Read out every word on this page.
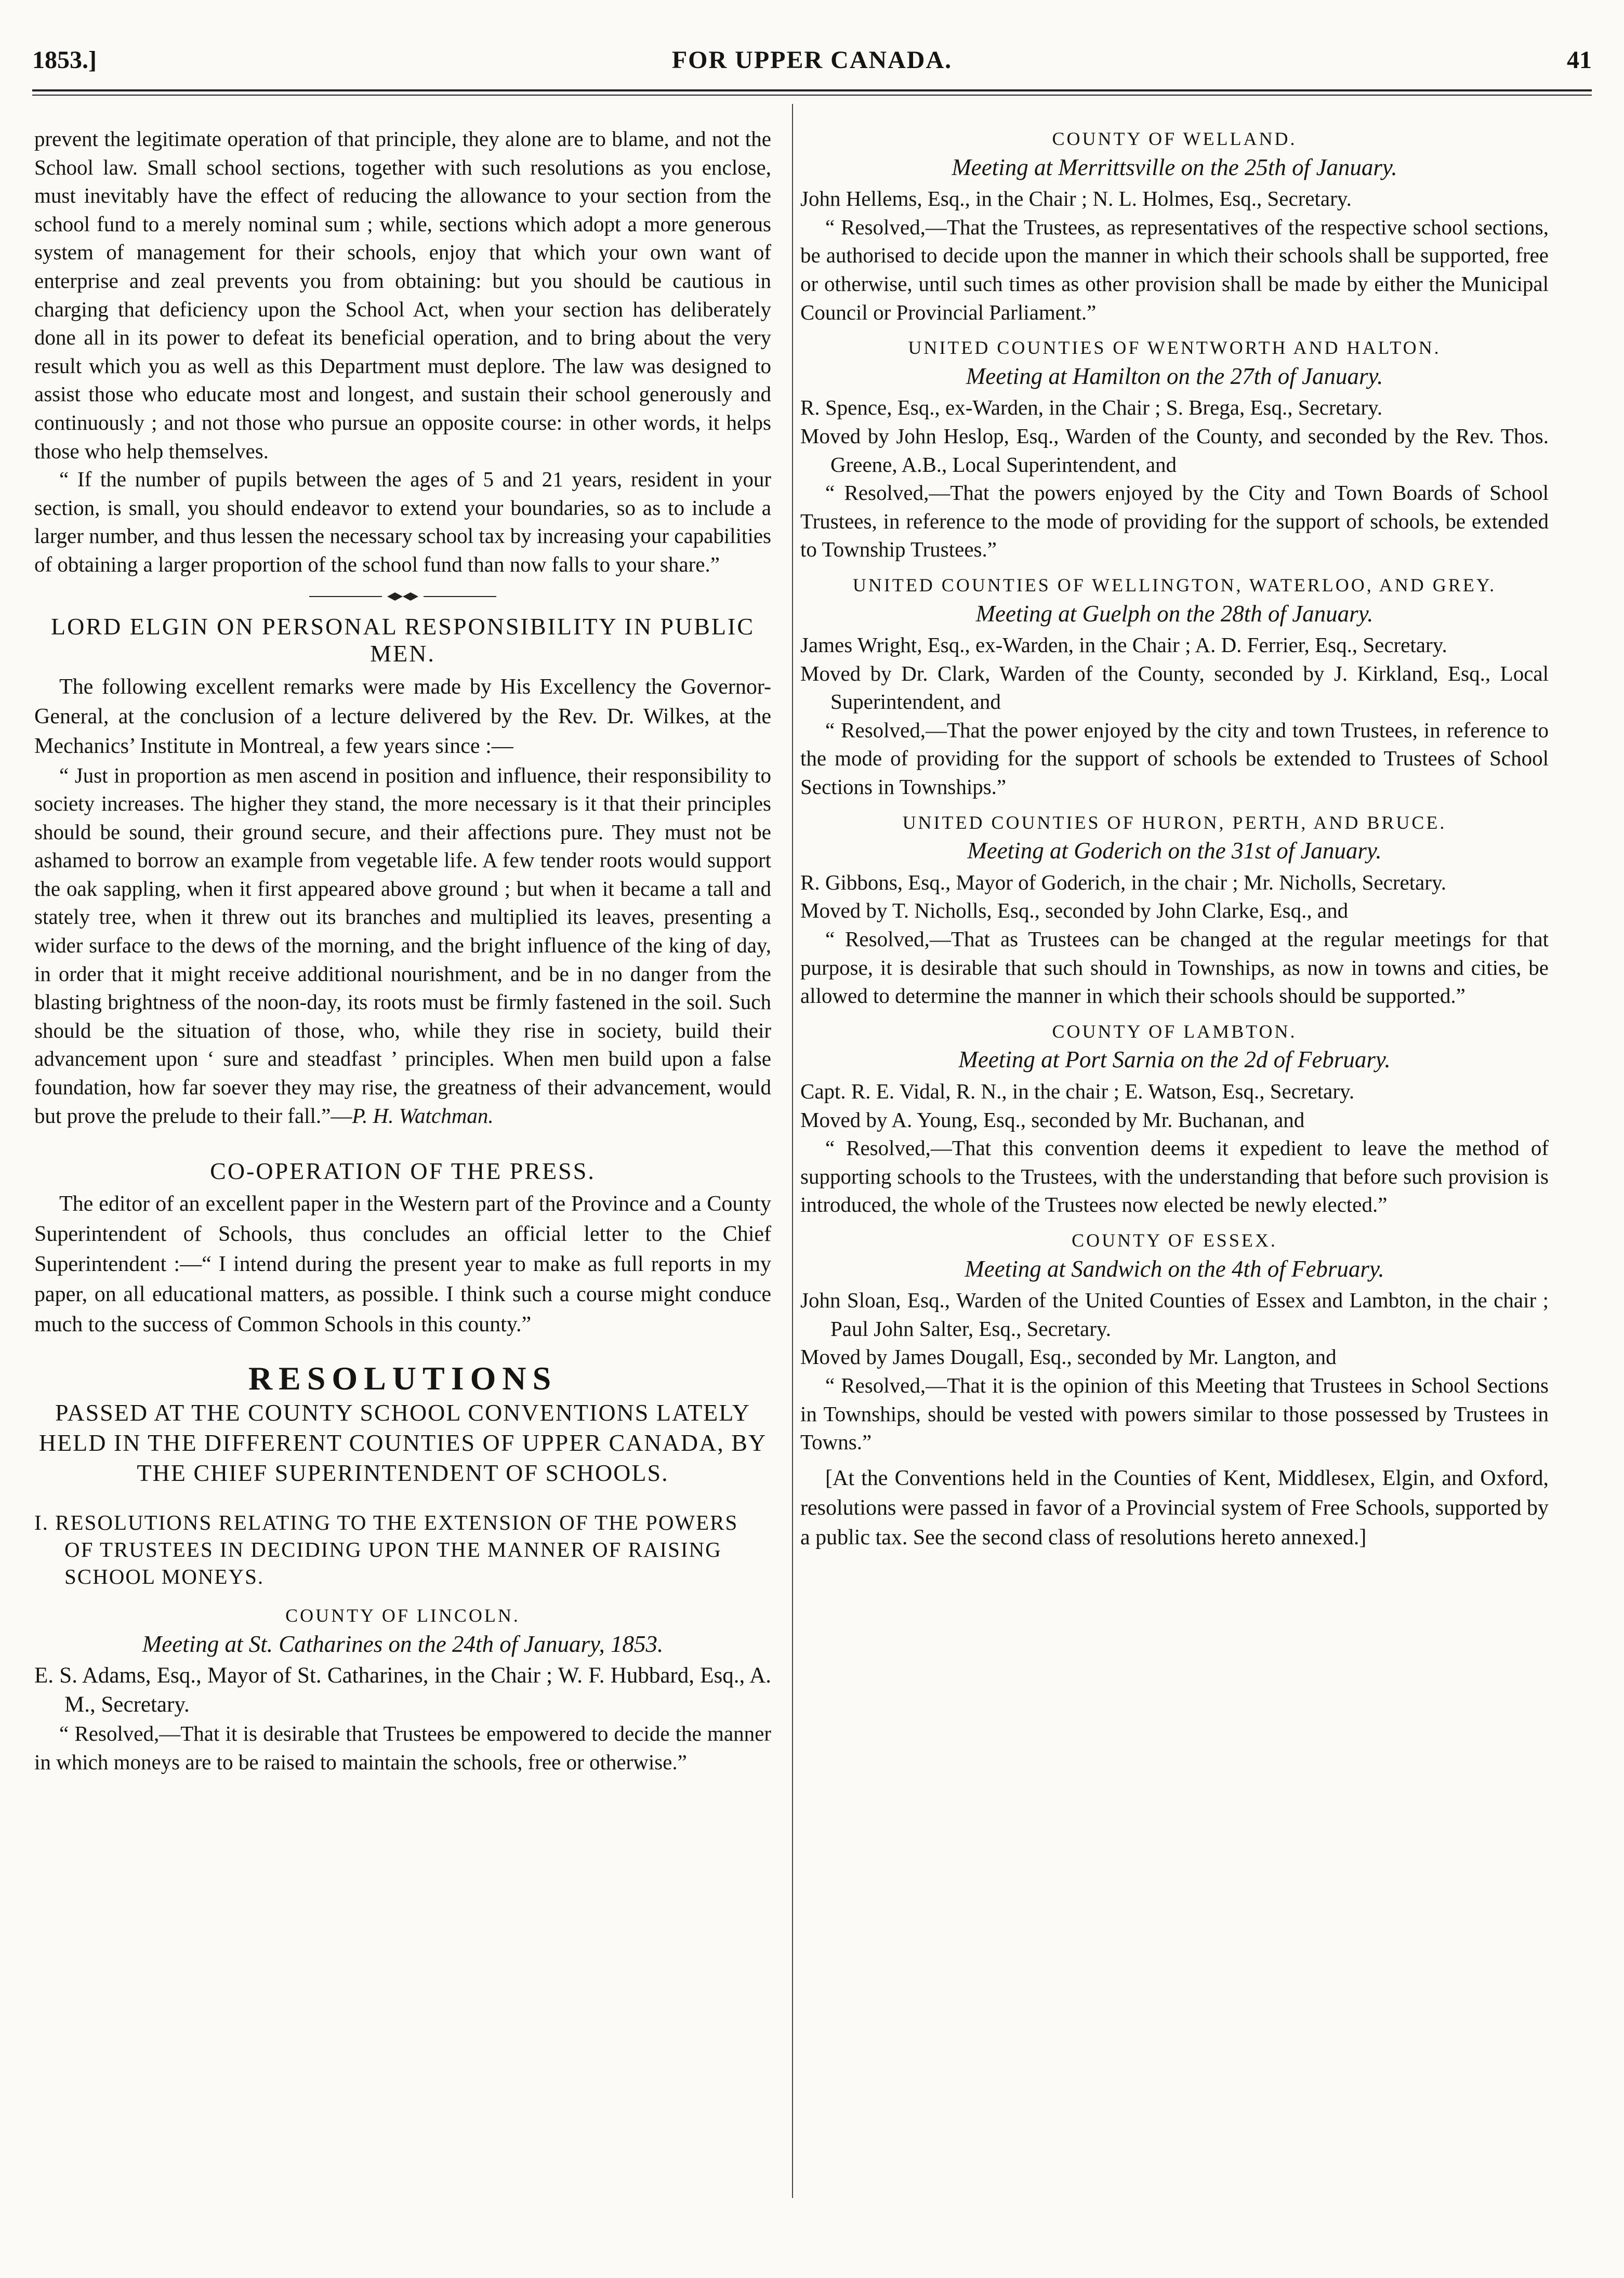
1853.]	FOR UPPER CANADA.	41

prevent the legitimate operation of that principle, they alone are to blame, and not the School law. Small school sections, together with such resolutions as you enclose, must inevitably have the effect of reducing the allowance to your section from the school fund to a merely nominal sum ; while, sections which adopt a more generous system of management for their schools, enjoy that which your own want of enterprise and zeal prevents you from obtaining: but you should be cautious in charging that deficiency upon the School Act, when your section has deliberately done all in its power to defeat its beneficial operation, and to bring about the very result which you as well as this Department must deplore. The law was designed to assist those who educate most and longest, and sustain their school generously and continuously ; and not those who pursue an opposite course: in other words, it helps those who help themselves.

“ If the number of pupils between the ages of 5 and 21 years, resident in your section, is small, you should endeavor to extend your boundaries, so as to include a larger number, and thus lessen the necessary school tax by increasing your capabilities of obtaining a larger proportion of the school fund than now falls to your share.”

LORD ELGIN ON PERSONAL RESPONSIBILITY IN PUBLIC MEN.

The following excellent remarks were made by His Excellency the Governor-General, at the conclusion of a lecture delivered by the Rev. Dr. Wilkes, at the Mechanics’ Institute in Montreal, a few years since :—

“ Just in proportion as men ascend in position and influence, their responsibility to society increases. The higher they stand, the more necessary is it that their principles should be sound, their ground secure, and their affections pure. They must not be ashamed to borrow an example from vegetable life. A few tender roots would support the oak sappling, when it first appeared above ground ; but when it became a tall and stately tree, when it threw out its branches and multiplied its leaves, presenting a wider surface to the dews of the morning, and the bright influence of the king of day, in order that it might receive additional nourishment, and be in no danger from the blasting brightness of the noon-day, its roots must be firmly fastened in the soil. Such should be the situation of those, who, while they rise in society, build their advancement upon ‘ sure and steadfast ’ principles. When men build upon a false foundation, how far soever they may rise, the greatness of their advancement, would but prove the prelude to their fall.”—P. H. Watchman.

CO-OPERATION OF THE PRESS.

The editor of an excellent paper in the Western part of the Province and a County Superintendent of Schools, thus concludes an official letter to the Chief Superintendent :—“ I intend during the present year to make as full reports in my paper, on all educational matters, as possible. I think such a course might conduce much to the success of Common Schools in this county.”

RESOLUTIONS

PASSED AT THE COUNTY SCHOOL CONVENTIONS LATELY HELD IN THE DIFFERENT COUNTIES OF UPPER CANADA, BY THE CHIEF SUPERINTENDENT OF SCHOOLS.

I. RESOLUTIONS RELATING TO THE EXTENSION OF THE POWERS OF TRUSTEES IN DECIDING UPON THE MANNER OF RAISING SCHOOL MONEYS.

COUNTY OF LINCOLN.

Meeting at St. Catharines on the 24th of January, 1853.

E. S. Adams, Esq., Mayor of St. Catharines, in the Chair ; W. F. Hubbard, Esq., A. M., Secretary.

“ Resolved,—That it is desirable that Trustees be empowered to decide the manner in which moneys are to be raised to maintain the schools, free or otherwise.”

COUNTY OF WELLAND.

Meeting at Merrittsville on the 25th of January.

John Hellems, Esq., in the Chair ; N. L. Holmes, Esq., Secretary.

“ Resolved,—That the Trustees, as representatives of the respective school sections, be authorised to decide upon the manner in which their schools shall be supported, free or otherwise, until such times as other provision shall be made by either the Municipal Council or Provincial Parliament.”

UNITED COUNTIES OF WENTWORTH AND HALTON.

Meeting at Hamilton on the 27th of January.

R. Spence, Esq., ex-Warden, in the Chair ; S. Brega, Esq., Secretary.

Moved by John Heslop, Esq., Warden of the County, and seconded by the Rev. Thos. Greene, A.B., Local Superintendent, and

“ Resolved,—That the powers enjoyed by the City and Town Boards of School Trustees, in reference to the mode of providing for the support of schools, be extended to Township Trustees.”

UNITED COUNTIES OF WELLINGTON, WATERLOO, AND GREY.

Meeting at Guelph on the 28th of January.

James Wright, Esq., ex-Warden, in the Chair ; A. D. Ferrier, Esq., Secretary.

Moved by Dr. Clark, Warden of the County, seconded by J. Kirkland, Esq., Local Superintendent, and

“ Resolved,—That the power enjoyed by the city and town Trustees, in reference to the mode of providing for the support of schools be extended to Trustees of School Sections in Townships.”

UNITED COUNTIES OF HURON, PERTH, AND BRUCE.

Meeting at Goderich on the 31st of January.

R. Gibbons, Esq., Mayor of Goderich, in the chair ; Mr. Nicholls, Secretary.

Moved by T. Nicholls, Esq., seconded by John Clarke, Esq., and

“ Resolved,—That as Trustees can be changed at the regular meetings for that purpose, it is desirable that such should in Townships, as now in towns and cities, be allowed to determine the manner in which their schools should be supported.”

COUNTY OF LAMBTON.

Meeting at Port Sarnia on the 2d of February.

Capt. R. E. Vidal, R. N., in the chair ; E. Watson, Esq., Secretary.

Moved by A. Young, Esq., seconded by Mr. Buchanan, and

“ Resolved,—That this convention deems it expedient to leave the method of supporting schools to the Trustees, with the understanding that before such provision is introduced, the whole of the Trustees now elected be newly elected.”

COUNTY OF ESSEX.

Meeting at Sandwich on the 4th of February.

John Sloan, Esq., Warden of the United Counties of Essex and Lambton, in the chair ; Paul John Salter, Esq., Secretary.

Moved by James Dougall, Esq., seconded by Mr. Langton, and

“ Resolved,—That it is the opinion of this Meeting that Trustees in School Sections in Townships, should be vested with powers similar to those possessed by Trustees in Towns.”

[At the Conventions held in the Counties of Kent, Middlesex, Elgin, and Oxford, resolutions were passed in favor of a Provincial system of Free Schools, supported by a public tax. See the second class of resolutions hereto annexed.]
